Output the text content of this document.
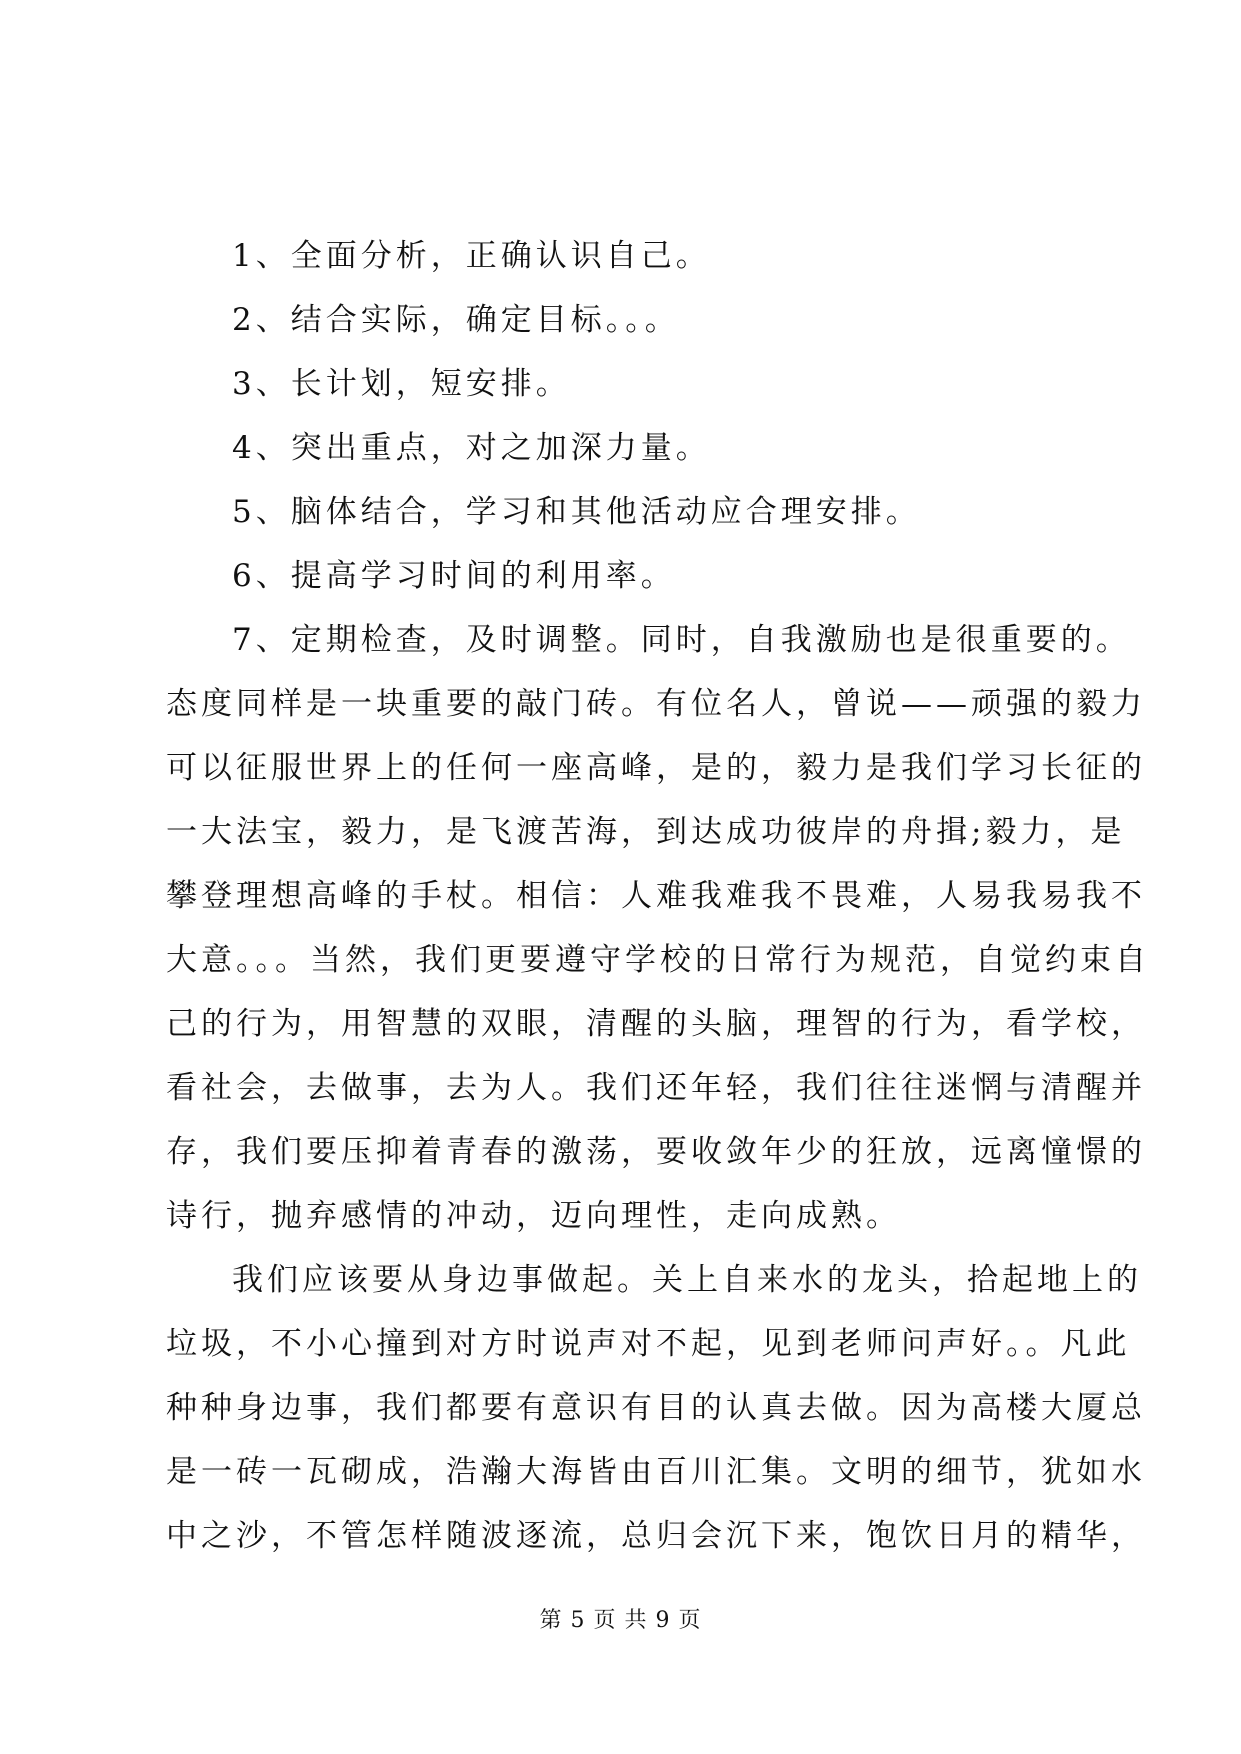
1、全面分析，正确认识自己。
2、结合实际，确定目标。。。
3、长计划，短安排。
4、突出重点，对之加深力量。
5、脑体结合，学习和其他活动应合理安排。
6、提高学习时间的利用率。
7、定期检查，及时调整。同时，自我激励也是很重要的。
态度同样是一块重要的敲门砖。有位名人，曾说——顽强的毅力
可以征服世界上的任何一座高峰，是的，毅力是我们学习长征的
一大法宝，毅力，是飞渡苦海，到达成功彼岸的舟揖;毅力，是
攀登理想高峰的手杖。相信：人难我难我不畏难，人易我易我不
大意。。。当然，我们更要遵守学校的日常行为规范，自觉约束自
己的行为，用智慧的双眼，清醒的头脑，理智的行为，看学校，
看社会，去做事，去为人。我们还年轻，我们往往迷惘与清醒并
存，我们要压抑着青春的激荡，要收敛年少的狂放，远离憧憬的
诗行，抛弃感情的冲动，迈向理性，走向成熟。
我们应该要从身边事做起。关上自来水的龙头，拾起地上的
垃圾，不小心撞到对方时说声对不起，见到老师问声好。。凡此
种种身边事，我们都要有意识有目的认真去做。因为高楼大厦总
是一砖一瓦砌成，浩瀚大海皆由百川汇集。文明的细节，犹如水
中之沙，不管怎样随波逐流，总归会沉下来，饱饮日月的精华，
第 5 页 共 9 页
